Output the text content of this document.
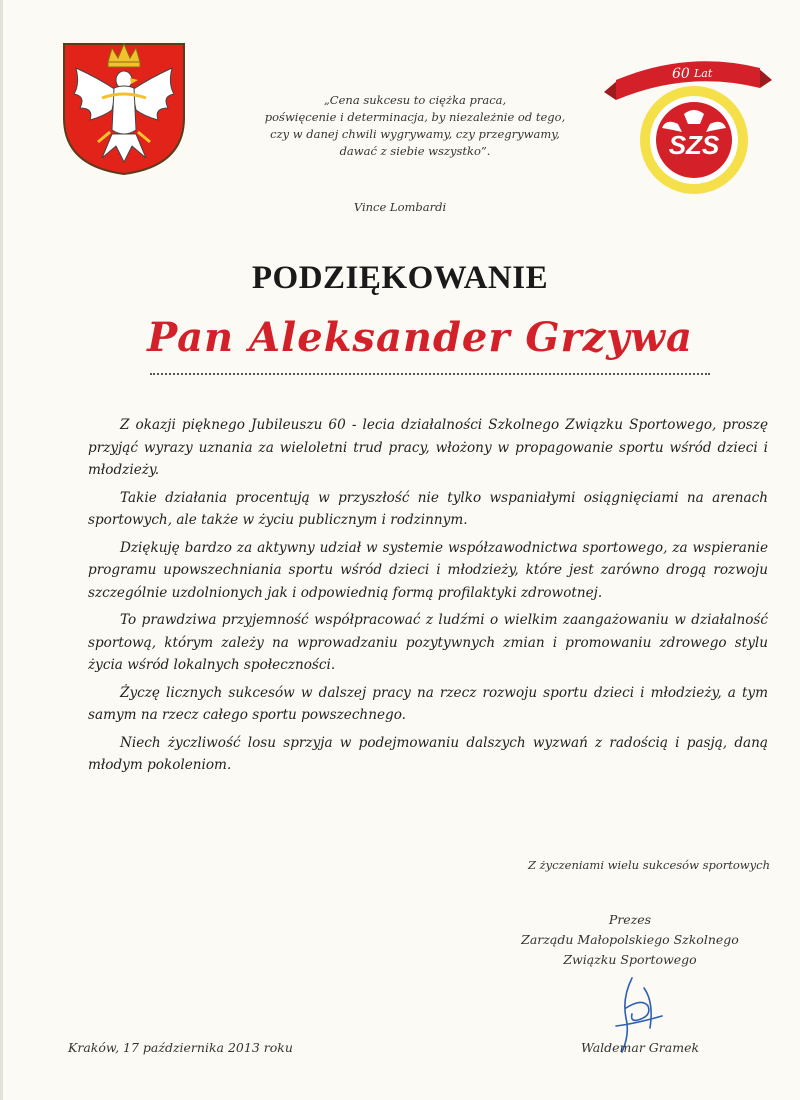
SZS
60 Lat
„Cena sukcesu to ciężka praca,
poświęcenie i determinacja, by niezależnie od tego,
czy w danej chwili wygrywamy, czy przegrywamy,
dawać z siebie wszystko”.
Vince Lombardi
PODZIĘKOWANIE
Pan Aleksander Grzywa

Z okazji pięknego Jubileuszu 60 - lecia działalności Szkolnego Związku Sportowego, proszę przyjąć wyrazy uznania za wieloletni trud pracy, włożony w propagowanie sportu wśród dzieci i młodzieży.

Takie działania procentują w przyszłość nie tylko wspaniałymi osiągnięciami na arenach sportowych, ale także w życiu publicznym i rodzinnym.

Dziękuję bardzo za aktywny udział w systemie współzawodnictwa sportowego, za wspieranie programu upowszechniania sportu wśród dzieci i młodzieży, które jest zarówno drogą rozwoju szczególnie uzdolnionych jak i odpowiednią formą profilaktyki zdrowotnej.

To prawdziwa przyjemność współpracować z ludźmi o wielkim zaangażowaniu w działalność sportową, którym zależy na wprowadzaniu pozytywnych zmian i promowaniu zdrowego stylu życia wśród lokalnych społeczności.

Życzę licznych sukcesów w dalszej pracy na rzecz rozwoju sportu dzieci i młodzieży, a tym samym na rzecz całego sportu powszechnego.

Niech życzliwość losu sprzyja w podejmowaniu dalszych wyzwań z radością i pasją, daną młodym pokoleniom.

Z życzeniami wielu sukcesów sportowych
Prezes
Zarządu Małopolskiego Szkolnego
Związku Sportowego
Kraków, 17 października 2013 roku	Waldemar Gramek
